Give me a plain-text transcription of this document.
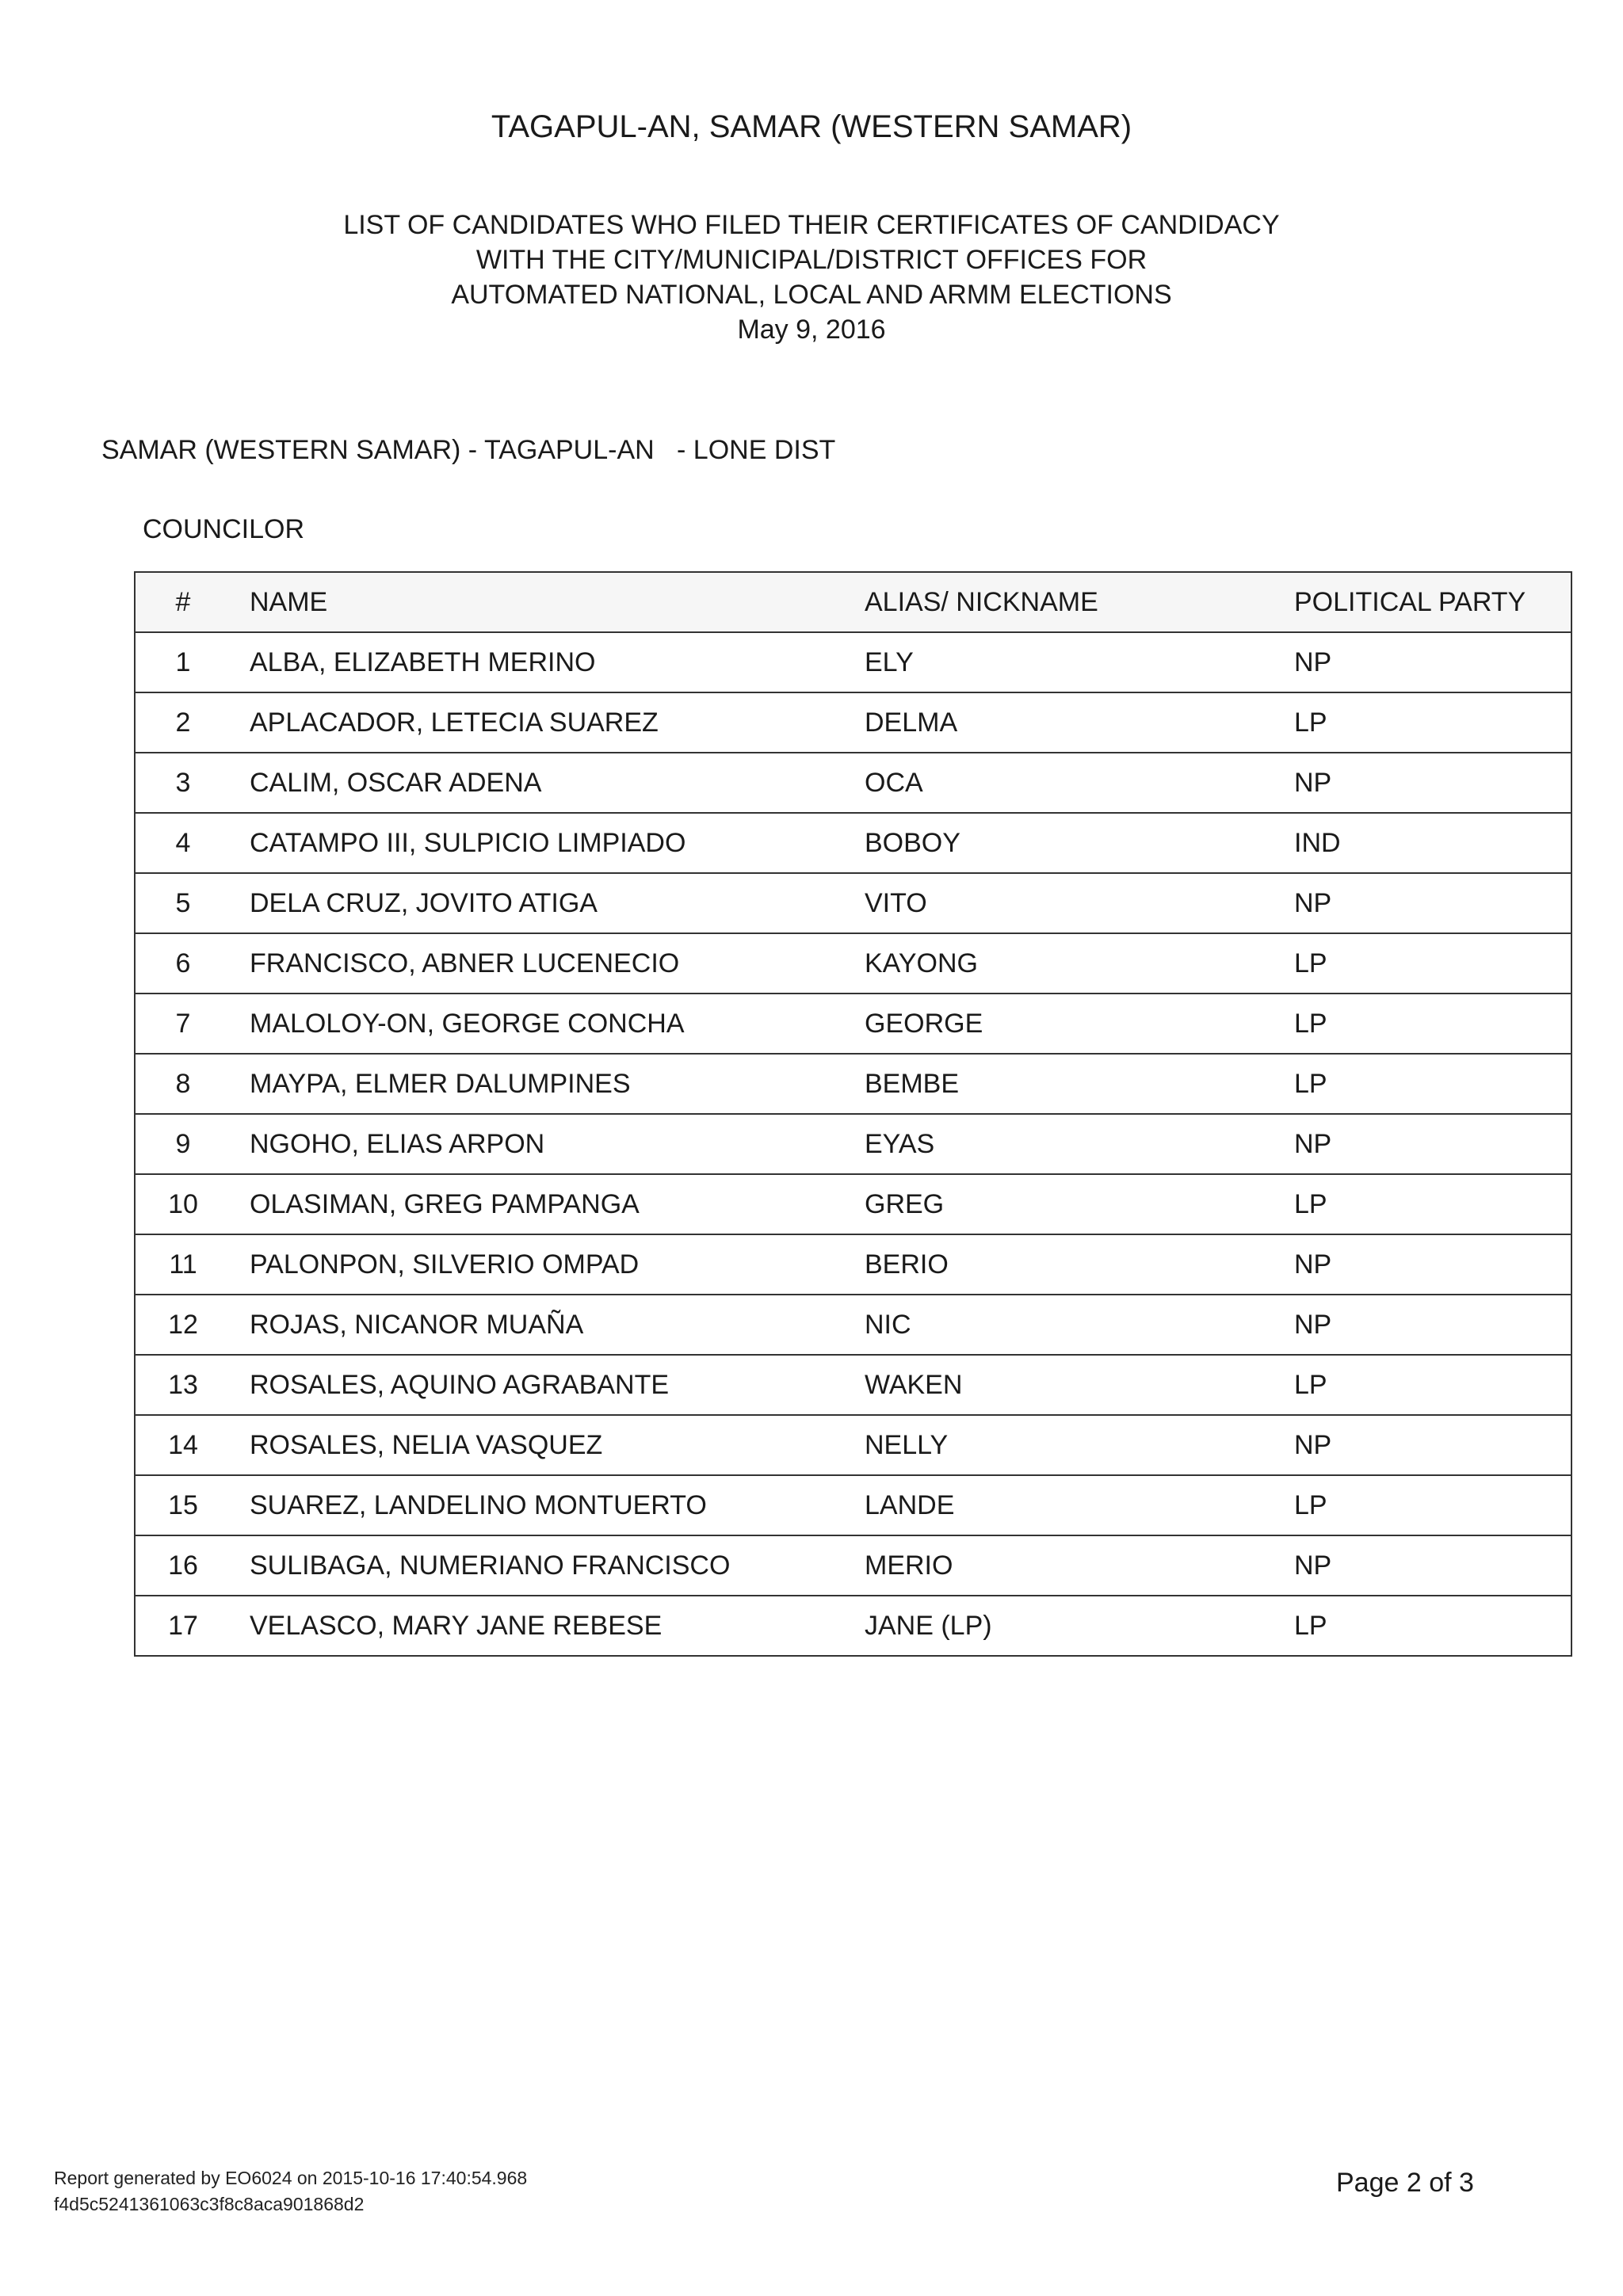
TAGAPUL-AN, SAMAR (WESTERN SAMAR)
LIST OF CANDIDATES WHO FILED THEIR CERTIFICATES OF CANDIDACY
WITH THE CITY/MUNICIPAL/DISTRICT OFFICES FOR
AUTOMATED NATIONAL, LOCAL AND ARMM ELECTIONS
May 9, 2016
SAMAR (WESTERN SAMAR) - TAGAPUL-AN   - LONE DIST
COUNCILOR
#	NAME	ALIAS/ NICKNAME	POLITICAL PARTY
1	ALBA, ELIZABETH MERINO	ELY	NP
2	APLACADOR, LETECIA SUAREZ	DELMA	LP
3	CALIM, OSCAR ADENA	OCA	NP
4	CATAMPO III, SULPICIO LIMPIADO	BOBOY	IND
5	DELA CRUZ, JOVITO ATIGA	VITO	NP
6	FRANCISCO, ABNER LUCENECIO	KAYONG	LP
7	MALOLOY-ON, GEORGE CONCHA	GEORGE	LP
8	MAYPA, ELMER DALUMPINES	BEMBE	LP
9	NGOHO, ELIAS ARPON	EYAS	NP
10	OLASIMAN, GREG PAMPANGA	GREG	LP
11	PALONPON, SILVERIO OMPAD	BERIO	NP
12	ROJAS, NICANOR MUAÑA	NIC	NP
13	ROSALES, AQUINO AGRABANTE	WAKEN	LP
14	ROSALES, NELIA VASQUEZ	NELLY	NP
15	SUAREZ, LANDELINO MONTUERTO	LANDE	LP
16	SULIBAGA, NUMERIANO FRANCISCO	MERIO	NP
17	VELASCO, MARY JANE REBESE	JANE (LP)	LP
Report generated by EO6024 on 2015-10-16 17:40:54.968
f4d5c5241361063c3f8c8aca901868d2
Page 2 of 3
